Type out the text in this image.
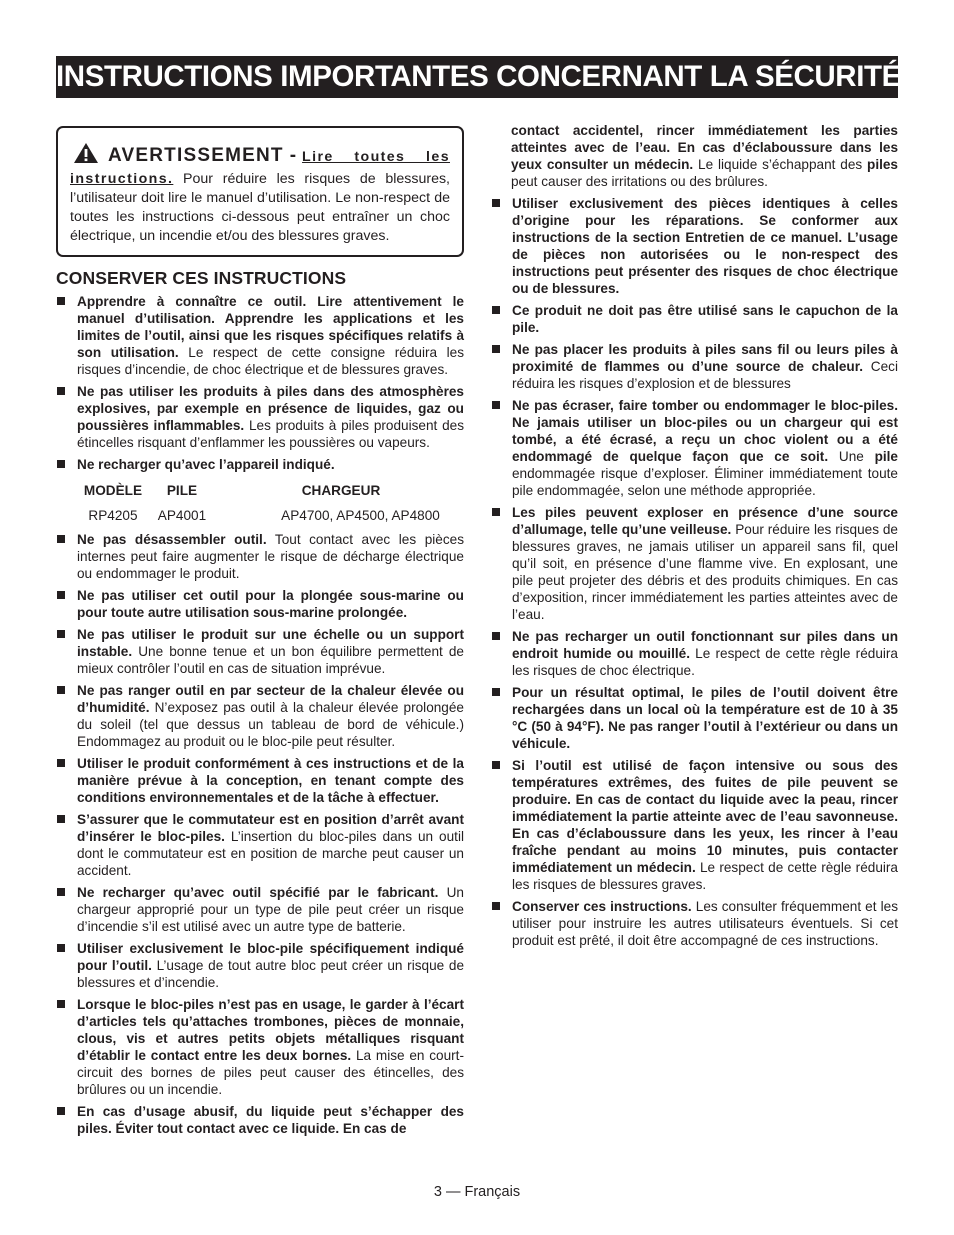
INSTRUCTIONS IMPORTANTES CONCERNANT LA SÉCURITÉ
AVERTISSEMENT - Lire toutes les instructions. Pour réduire les risques de blessures, l’utilisateur doit lire le manuel d’utilisation. Le non-respect de toutes les instructions ci-dessous peut entraîner un choc électrique, un incendie et/ou des blessures graves.
CONSERVER CES INSTRUCTIONS
Apprendre à connaître ce outil. Lire attentivement le manuel d’utilisation. Apprendre les applications et les limites de l’outil, ainsi que les risques spécifiques relatifs à son utilisation. Le respect de cette consigne réduira les risques d’incendie, de choc électrique et de blessures graves.
Ne pas utiliser les produits à piles dans des atmosphères explosives, par exemple en présence de liquides, gaz ou poussières inflammables. Les produits à piles produisent des étincelles risquant d’enflammer les poussières ou vapeurs.
Ne recharger qu’avec l’appareil indiqué.
MODÈLE	PILE	CHARGEUR
RP4205	AP4001	AP4700, AP4500, AP4800
Ne pas désassembler outil. Tout contact avec les pièces internes peut faire augmenter le risque de décharge électrique ou endommager le produit.
Ne pas utiliser cet outil pour la plongée sous-marine ou pour toute autre utilisation sous-marine prolongée.
Ne pas utiliser le produit sur une échelle ou un support instable. Une bonne tenue et un bon équilibre permettent de mieux contrôler l’outil en cas de situation imprévue.
Ne pas ranger outil en par secteur de la chaleur élevée ou d’humidité. N’exposez pas outil à la chaleur élevée prolongée du soleil (tel que dessus un tableau de bord de véhicule.) Endommagez au produit ou le bloc-pile peut résulter.
Utiliser le produit conformément à ces instructions et de la manière prévue à la conception, en tenant compte des conditions environnementales et de la tâche à effectuer.
S’assurer que le commutateur est en position d’arrêt avant d’insérer le bloc-piles. L’insertion du bloc-piles dans un outil dont le commutateur est en position de marche peut causer un accident.
Ne recharger qu’avec outil spécifié par le fabricant. Un chargeur approprié pour un type de pile peut créer un risque d’incendie s’il est utilisé avec un autre type de batterie.
Utiliser exclusivement le bloc-pile spécifiquement indiqué pour l’outil. L’usage de tout autre bloc peut créer un risque de blessures et d’incendie.
Lorsque le bloc-piles n’est pas en usage, le garder à l’écart d’articles tels qu’attaches trombones, pièces de monnaie, clous, vis et autres petits objets métalliques risquant d’établir le contact entre les deux bornes. La mise en court-circuit des bornes de piles peut causer des étincelles, des brûlures ou un incendie.
En cas d’usage abusif, du liquide peut s’échapper des piles. Éviter tout contact avec ce liquide. En cas de
contact accidentel, rincer immédiatement les parties atteintes avec de l’eau. En cas d’éclaboussure dans les yeux consulter un médecin. Le liquide s’échappant des piles peut causer des irritations ou des brûlures.
Utiliser exclusivement des pièces identiques à celles d’origine pour les réparations. Se conformer aux instructions de la section Entretien de ce manuel. L’usage de pièces non autorisées ou le non-respect des instructions peut présenter des risques de choc électrique ou de blessures.
Ce produit ne doit pas être utilisé sans le capuchon de la pile.
Ne pas placer les produits à piles sans fil ou leurs piles à proximité de flammes ou d’une source de chaleur. Ceci réduira les risques d’explosion et de blessures
Ne pas écraser, faire tomber ou endommager le bloc-piles. Ne jamais utiliser un bloc-piles ou un chargeur qui est tombé, a été écrasé, a reçu un choc violent ou a été endommagé de quelque façon que ce soit. Une pile endommagée risque d’exploser. Éliminer immédiatement toute pile endommagée, selon une méthode appropriée.
Les piles peuvent exploser en présence d’une source d’allumage, telle qu’une veilleuse. Pour réduire les risques de blessures graves, ne jamais utiliser un appareil sans fil, quel qu’il soit, en présence d’une flamme vive. En explosant, une pile peut projeter des débris et des produits chimiques. En cas d’exposition, rincer immédiatement les parties atteintes avec de l’eau.
Ne pas recharger un outil fonctionnant sur piles dans un endroit humide ou mouillé. Le respect de cette règle réduira les risques de choc électrique.
Pour un résultat optimal, le piles de l’outil doivent être rechargées dans un local où la température est de 10 à 35 °C (50 à 94°F). Ne pas ranger l’outil à l’extérieur ou dans un véhicule.
Si l’outil est utilisé de façon intensive ou sous des températures extrêmes, des fuites de pile peuvent se produire. En cas de contact du liquide avec la peau, rincer immédiatement la partie atteinte avec de l’eau savonneuse. En cas d’éclaboussure dans les yeux, les rincer à l’eau fraîche pendant au moins 10 minutes, puis contacter immédiatement un médecin. Le respect de cette règle réduira les risques de blessures graves.
Conserver ces instructions. Les consulter fréquemment et les utiliser pour instruire les autres utilisateurs éventuels. Si cet produit est prêté, il doit être accompagné de ces instructions.
3 — Français
